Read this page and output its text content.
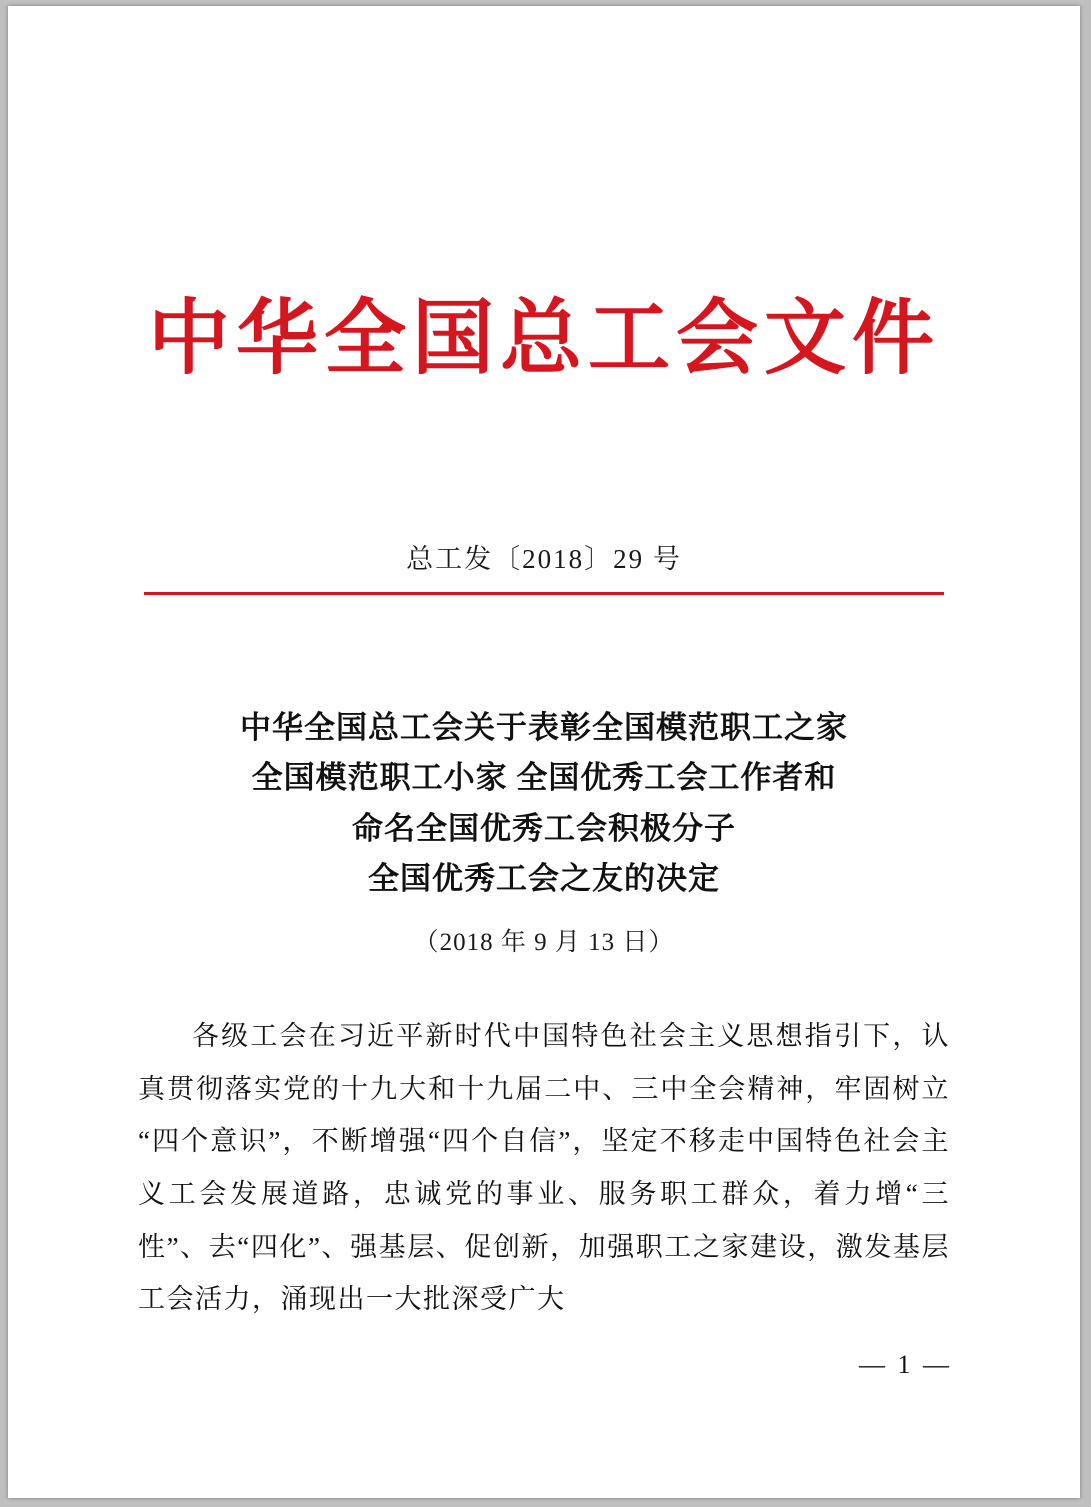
中华全国总工会文件
总工发〔2018〕29 号
中华全国总工会关于表彰全国模范职工之家
全国模范职工小家 全国优秀工会工作者和
命名全国优秀工会积极分子
全国优秀工会之友的决定
（2018 年 9 月 13 日）

各级工会在习近平新时代中国特色社会主义思想指引下，认真贯彻落实党的十九大和十九届二中、三中全会精神，牢固树立“四个意识”，不断增强“四个自信”，坚定不移走中国特色社会主义工会发展道路，忠诚党的事业、服务职工群众，着力增“三性”、去“四化”、强基层、促创新，加强职工之家建设，激发基层工会活力，涌现出一大批深受广大

— 1 —
